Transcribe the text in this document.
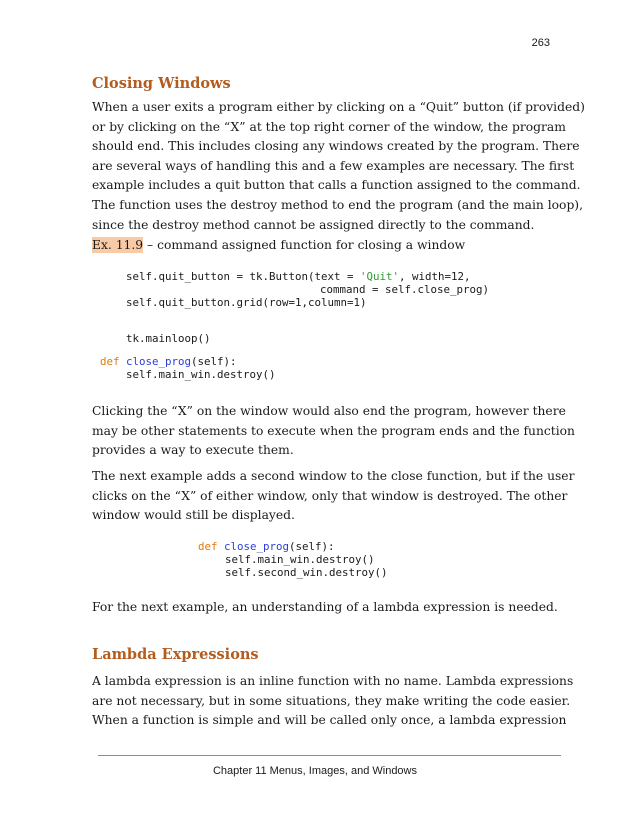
263
Closing Windows
When a user exits a program either by clicking on a “Quit” button (if provided)
or by clicking on the “X” at the top right corner of the window, the program
should end. This includes closing any windows created by the program. There
are several ways of handling this and a few examples are necessary. The first
example includes a quit button that calls a function assigned to the command.
The function uses the destroy method to end the program (and the main loop),
since the destroy method cannot be assigned directly to the command.
Ex. 11.9 – command assigned function for closing a window
self.quit_button = tk.Button(text = 'Quit', width=12,
command = self.close_prog)
self.quit_button.grid(row=1,column=1)
tk.mainloop()
def close_prog(self):
self.main_win.destroy()
Clicking the “X” on the window would also end the program, however there
may be other statements to execute when the program ends and the function
provides a way to execute them.
The next example adds a second window to the close function, but if the user
clicks on the “X” of either window, only that window is destroyed. The other
window would still be displayed.
def close_prog(self):
self.main_win.destroy()
self.second_win.destroy()
For the next example, an understanding of a lambda expression is needed.
Lambda Expressions
A lambda expression is an inline function with no name. Lambda expressions
are not necessary, but in some situations, they make writing the code easier.
When a function is simple and will be called only once, a lambda expression
Chapter 11 Menus, Images, and Windows
